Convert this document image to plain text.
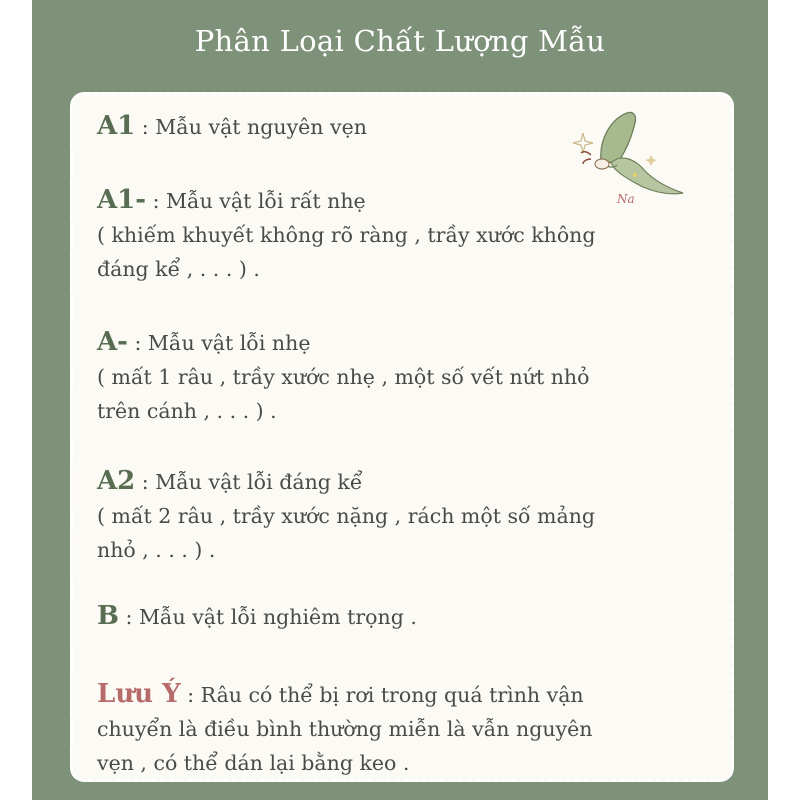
Phân Loại Chất Lượng Mẫu
A1 : Mẫu vật nguyên vẹn
A1- : Mẫu vật lỗi rất nhẹ
( khiếm khuyết không rõ ràng , trầy xước không
đáng kể , . . . ) .
A- : Mẫu vật lỗi nhẹ
( mất 1 râu , trầy xước nhẹ , một số vết nứt nhỏ
trên cánh , . . . ) .
A2 : Mẫu vật lỗi đáng kể
( mất 2 râu , trầy xước nặng , rách một số mảng
nhỏ , . . . ) .
B : Mẫu vật lỗi nghiêm trọng .
Lưu Ý : Râu có thể bị rơi trong quá trình vận
chuyển là điều bình thường miễn là vẫn nguyên
vẹn , có thể dán lại bằng keo .
Na
